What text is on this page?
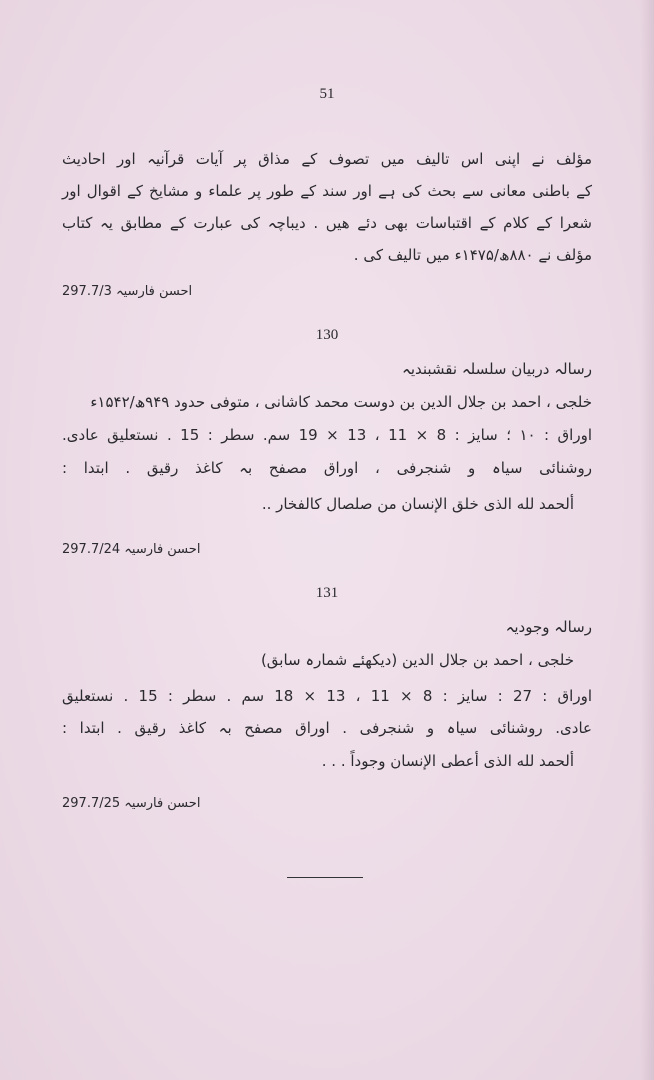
51
مؤلف نے اپنی اس تالیف میں تصوف کے مذاق پر آیات قرآنیہ اور احادیث
کے باطنی معانی سے بحث کی ہے اور سند کے طور پر علماء و مشایخ کے اقوال اور
شعرا کے کلام کے اقتباسات بھی دئے ھیں . دیباچہ کی عبارت کے مطابق یہ کتاب
مؤلف نے ۸۸۰ھ/۱۴۷۵ء میں تالیف کی .
احسن فارسیہ 297.7/3
130
رسالہ دربیان سلسلہ نقشبندیہ
خلجی ، احمد بن جلال الدین بن دوست محمد کاشانی ، متوفی حدود ۹۴۹ھ/۱۵۴۲ء
اوراق : ۱۰ ؛ سایز : 8 × 11 ، 13 × 19 سم. سطر : 15 . نستعلیق عادی.
روشنائی سیاہ و شنجرفی ، اوراق مصفح بہ کاغذ رقیق . ابتدا :
ألحمد لله الذی خلق الإنسان من صلصال کالفخار ..
احسن فارسیہ 297.7/24
131
رسالہ وجودیہ
خلجی ، احمد بن جلال الدین (دیکھئے شمارہ سابق)
اوراق : 27 : سایز : 8 × 11 ، 13 × 18 سم . سطر : 15 . نستعلیق
عادی. روشنائی سیاہ و شنجرفی . اوراق مصفح بہ کاغذ رقیق . ابتدا :
ألحمد لله الذی أعطی الإنسان وجوداً . . .
احسن فارسیہ 297.7/25
